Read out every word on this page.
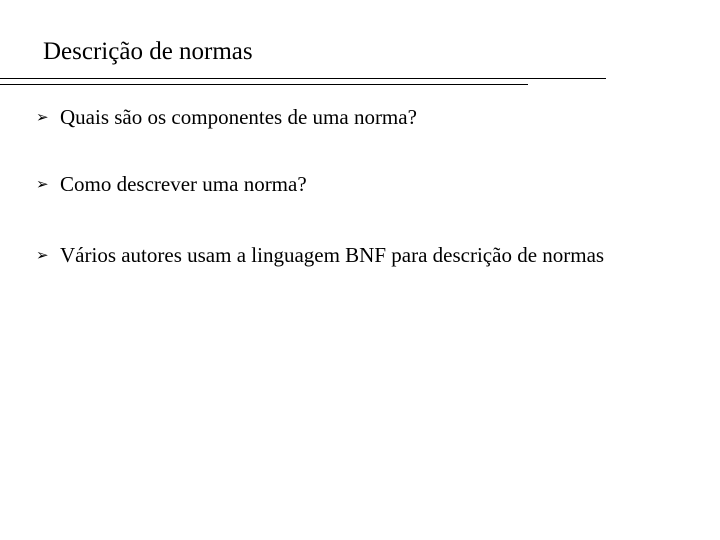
Descrição de normas
➢ Quais são os componentes de uma norma?
➢ Como descrever uma norma?
➢ Vários autores usam a linguagem BNF para descrição de normas
